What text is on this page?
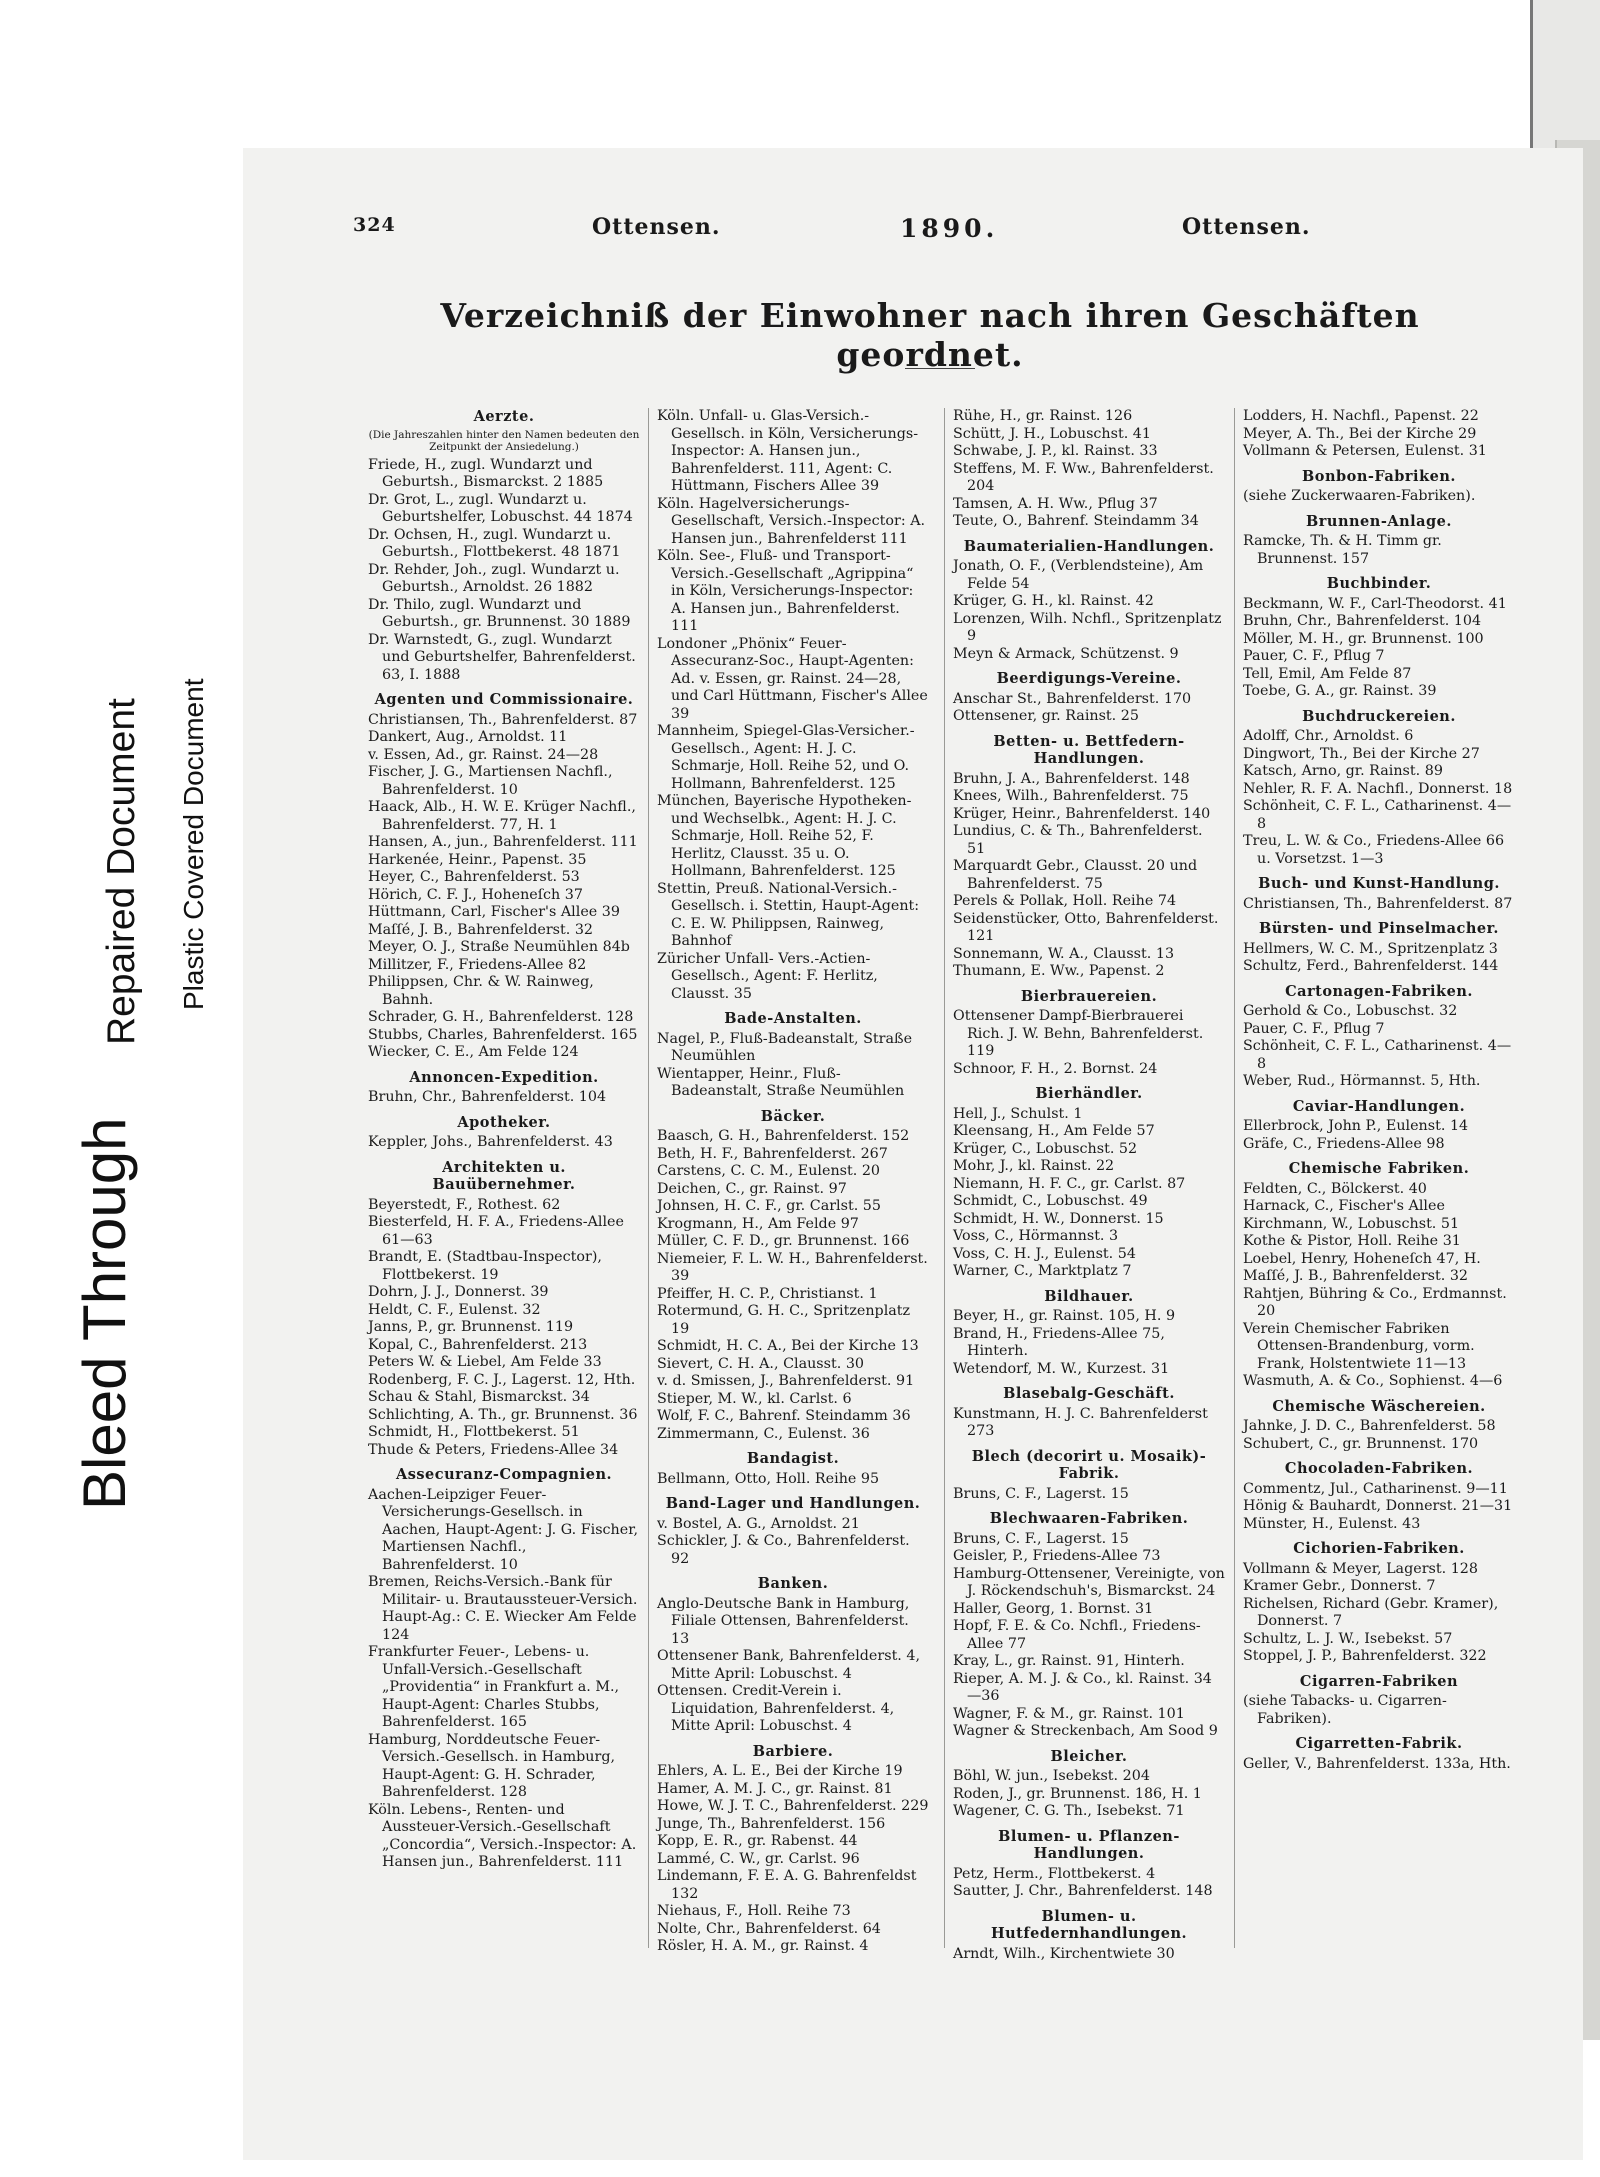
Bleed Through
Repaired Document Plastic Covered Document
324	Ottensen.	1890.	Ottensen.
Verzeichniß der Einwohner nach ihren Geschäften geordnet.
Aerzte.
(Die Jahreszahlen hinter den Namen bedeuten den Zeitpunkt der Ansiedelung.)
Friede, H., zugl. Wundarzt und Geburtsh., Bismarckst. 2 1885
Dr. Grot, L., zugl. Wundarzt u. Geburtshelfer, Lobuschst. 44 1874
Dr. Ochsen, H., zugl. Wundarzt u. Geburtsh., Flottbekerst. 48 1871
Dr. Rehder, Joh., zugl. Wundarzt u. Geburtsh., Arnoldst. 26 1882
Dr. Thilo, zugl. Wundarzt und Geburtsh., gr. Brunnenst. 30 1889
Dr. Warnstedt, G., zugl. Wundarzt und Geburtshelfer, Bahrenfelderst. 63, I. 1888
Agenten und Commissionaire.
Christiansen, Th., Bahrenfelderst. 87
Dankert, Aug., Arnoldst. 11
v. Essen, Ad., gr. Rainst. 24—28
Fischer, J. G., Martiensen Nachfl., Bahrenfelderst. 10
Haack, Alb., H. W. E. Krüger Nachfl., Bahrenfelderst. 77, H. 1
Hansen, A., jun., Bahrenfelderst. 111
Harkenée, Heinr., Papenst. 35
Heyer, C., Bahrenfelderst. 53
Hörich, C. F. J., Hoheneſch 37
Hüttmann, Carl, Fischer's Allee 39
Maſſé, J. B., Bahrenfelderst. 32
Meyer, O. J., Straße Neumühlen 84b
Millitzer, F., Friedens-Allee 82
Philippsen, Chr. & W. Rainweg, Bahnh.
Schrader, G. H., Bahrenfelderst. 128
Stubbs, Charles, Bahrenfelderst. 165
Wiecker, C. E., Am Felde 124
Annoncen-Expedition.
Bruhn, Chr., Bahrenfelderst. 104
Apotheker.
Keppler, Johs., Bahrenfelderst. 43
Architekten u. Bauübernehmer.
Beyerstedt, F., Rothest. 62
Biesterfeld, H. F. A., Friedens-Allee 61—63
Brandt, E. (Stadtbau-Inspector), Flottbekerst. 19
Dohrn, J. J., Donnerst. 39
Heldt, C. F., Eulenst. 32
Janns, P., gr. Brunnenst. 119
Kopal, C., Bahrenfelderst. 213
Peters W. & Liebel, Am Felde 33
Rodenberg, F. C. J., Lagerst. 12, Hth.
Schau & Stahl, Bismarckst. 34
Schlichting, A. Th., gr. Brunnenst. 36
Schmidt, H., Flottbekerst. 51
Thude & Peters, Friedens-Allee 34
Assecuranz-Compagnien.
Aachen-Leipziger Feuer-Versicherungs-Gesellsch. in Aachen, Haupt-Agent: J. G. Fischer, Martiensen Nachfl., Bahrenfelderst. 10
Bremen, Reichs-Versich.-Bank für Militair- u. Brautaussteuer-Versich. Haupt-Ag.: C. E. Wiecker Am Felde 124
Frankfurter Feuer-, Lebens- u. Unfall-Versich.-Gesellschaft „Providentia“ in Frankfurt a. M., Haupt-Agent: Charles Stubbs, Bahrenfelderst. 165
Hamburg, Norddeutsche Feuer-Versich.-Gesellsch. in Hamburg, Haupt-Agent: G. H. Schrader, Bahrenfelderst. 128
Köln. Lebens-, Renten- und Aussteuer-Versich.-Gesellschaft „Concordia“, Versich.-Inspector: A. Hansen jun., Bahrenfelderst. 111
Köln. Unfall- u. Glas-Versich.-Gesellsch. in Köln, Versicherungs-Inspector: A. Hansen jun., Bahrenfelderst. 111, Agent: C. Hüttmann, Fischers Allee 39
Köln. Hagelversicherungs-Gesellschaft, Versich.-Inspector: A. Hansen jun., Bahrenfelderst 111
Köln. See-, Fluß- und Transport-Versich.-Gesellschaft „Agrippina“ in Köln, Versicherungs-Inspector: A. Hansen jun., Bahrenfelderst. 111
Londoner „Phönix“ Feuer-Assecuranz-Soc., Haupt-Agenten: Ad. v. Essen, gr. Rainst. 24—28, und Carl Hüttmann, Fischer's Allee 39
Mannheim, Spiegel-Glas-Versicher.-Gesellsch., Agent: H. J. C. Schmarje, Holl. Reihe 52, und O. Hollmann, Bahrenfelderst. 125
München, Bayerische Hypotheken- und Wechselbk., Agent: H. J. C. Schmarje, Holl. Reihe 52, F. Herlitz, Clausst. 35 u. O. Hollmann, Bahrenfelderst. 125
Stettin, Preuß. National-Versich.-Gesellsch. i. Stettin, Haupt-Agent: C. E. W. Philippsen, Rainweg, Bahnhof
Züricher Unfall- Vers.-Actien-Gesellsch., Agent: F. Herlitz, Clausst. 35
Bade-Anstalten.
Nagel, P., Fluß-Badeanstalt, Straße Neumühlen
Wientapper, Heinr., Fluß-Badeanstalt, Straße Neumühlen
Bäcker.
Baasch, G. H., Bahrenfelderst. 152
Beth, H. F., Bahrenfelderst. 267
Carstens, C. C. M., Eulenst. 20
Deichen, C., gr. Rainst. 97
Johnsen, H. C. F., gr. Carlst. 55
Krogmann, H., Am Felde 97
Müller, C. F. D., gr. Brunnenst. 166
Niemeier, F. L. W. H., Bahrenfelderst. 39
Pfeiffer, H. C. P., Christianst. 1
Rotermund, G. H. C., Spritzenplatz 19
Schmidt, H. C. A., Bei der Kirche 13
Sievert, C. H. A., Clausst. 30
v. d. Smissen, J., Bahrenfelderst. 91
Stieper, M. W., kl. Carlst. 6
Wolf, F. C., Bahrenf. Steindamm 36
Zimmermann, C., Eulenst. 36
Bandagist.
Bellmann, Otto, Holl. Reihe 95
Band-Lager und Handlungen.
v. Bostel, A. G., Arnoldst. 21
Schickler, J. & Co., Bahrenfelderst. 92
Banken.
Anglo-Deutsche Bank in Hamburg, Filiale Ottensen, Bahrenfelderst. 13
Ottensener Bank, Bahrenfelderst. 4, Mitte April: Lobuschst. 4
Ottensen. Credit-Verein i. Liquidation, Bahrenfelderst. 4, Mitte April: Lobuschst. 4
Barbiere.
Ehlers, A. L. E., Bei der Kirche 19
Hamer, A. M. J. C., gr. Rainst. 81
Howe, W. J. T. C., Bahrenfelderst. 229
Junge, Th., Bahrenfelderst. 156
Kopp, E. R., gr. Rabenst. 44
Lammé, C. W., gr. Carlst. 96
Lindemann, F. E. A. G. Bahrenfeldst 132
Niehaus, F., Holl. Reihe 73
Nolte, Chr., Bahrenfelderst. 64
Rösler, H. A. M., gr. Rainst. 4
Rühe, H., gr. Rainst. 126
Schütt, J. H., Lobuschst. 41
Schwabe, J. P., kl. Rainst. 33
Steffens, M. F. Ww., Bahrenfelderst. 204
Tamsen, A. H. Ww., Pflug 37
Teute, O., Bahrenf. Steindamm 34
Baumaterialien-Handlungen.
Jonath, O. F., (Verblendsteine), Am Felde 54
Krüger, G. H., kl. Rainst. 42
Lorenzen, Wilh. Nchfl., Spritzenplatz 9
Meyn & Armack, Schützenst. 9
Beerdigungs-Vereine.
Anschar St., Bahrenfelderst. 170
Ottensener, gr. Rainst. 25
Betten- u. Bettfedern-Handlungen.
Bruhn, J. A., Bahrenfelderst. 148
Knees, Wilh., Bahrenfelderst. 75
Krüger, Heinr., Bahrenfelderst. 140
Lundius, C. & Th., Bahrenfelderst. 51
Marquardt Gebr., Clausst. 20 und Bahrenfelderst. 75
Perels & Pollak, Holl. Reihe 74
Seidenstücker, Otto, Bahrenfelderst. 121
Sonnemann, W. A., Clausst. 13
Thumann, E. Ww., Papenst. 2
Bierbrauereien.
Ottensener Dampf-Bierbrauerei Rich. J. W. Behn, Bahrenfelderst. 119
Schnoor, F. H., 2. Bornst. 24
Bierhändler.
Hell, J., Schulst. 1
Kleensang, H., Am Felde 57
Krüger, C., Lobuschst. 52
Mohr, J., kl. Rainst. 22
Niemann, H. F. C., gr. Carlst. 87
Schmidt, C., Lobuschst. 49
Schmidt, H. W., Donnerst. 15
Voss, C., Hörmannst. 3
Voss, C. H. J., Eulenst. 54
Warner, C., Marktplatz 7
Bildhauer.
Beyer, H., gr. Rainst. 105, H. 9
Brand, H., Friedens-Allee 75, Hinterh.
Wetendorf, M. W., Kurzest. 31
Blasebalg-Geschäft.
Kunstmann, H. J. C. Bahrenfelderst 273
Blech (decorirt u. Mosaik)-Fabrik.
Bruns, C. F., Lagerst. 15
Blechwaaren-Fabriken.
Bruns, C. F., Lagerst. 15
Geisler, P., Friedens-Allee 73
Hamburg-Ottensener, Vereinigte, von J. Röckendschuh's, Bismarckst. 24
Haller, Georg, 1. Bornst. 31
Hopf, F. E. & Co. Nchfl., Friedens-Allee 77
Kray, L., gr. Rainst. 91, Hinterh.
Rieper, A. M. J. & Co., kl. Rainst. 34—36
Wagner, F. & M., gr. Rainst. 101
Wagner & Streckenbach, Am Sood 9
Bleicher.
Böhl, W. jun., Isebekst. 204
Roden, J., gr. Brunnenst. 186, H. 1
Wagener, C. G. Th., Isebekst. 71
Blumen- u. Pflanzen-Handlungen.
Petz, Herm., Flottbekerst. 4
Sautter, J. Chr., Bahrenfelderst. 148
Blumen- u. Hutfedernhandlungen.
Arndt, Wilh., Kirchentwiete 30
Lodders, H. Nachfl., Papenst. 22
Meyer, A. Th., Bei der Kirche 29
Vollmann & Petersen, Eulenst. 31
Bonbon-Fabriken.
(siehe Zuckerwaaren-Fabriken).
Brunnen-Anlage.
Ramcke, Th. & H. Timm gr. Brunnenst. 157
Buchbinder.
Beckmann, W. F., Carl-Theodorst. 41
Bruhn, Chr., Bahrenfelderst. 104
Möller, M. H., gr. Brunnenst. 100
Pauer, C. F., Pflug 7
Tell, Emil, Am Felde 87
Toebe, G. A., gr. Rainst. 39
Buchdruckereien.
Adolff, Chr., Arnoldst. 6
Dingwort, Th., Bei der Kirche 27
Katsch, Arno, gr. Rainst. 89
Nehler, R. F. A. Nachfl., Donnerst. 18
Schönheit, C. F. L., Catharinenst. 4—8
Treu, L. W. & Co., Friedens-Allee 66 u. Vorsetzst. 1—3
Buch- und Kunst-Handlung.
Christiansen, Th., Bahrenfelderst. 87
Bürsten- und Pinselmacher.
Hellmers, W. C. M., Spritzenplatz 3
Schultz, Ferd., Bahrenfelderst. 144
Cartonagen-Fabriken.
Gerhold & Co., Lobuschst. 32
Pauer, C. F., Pflug 7
Schönheit, C. F. L., Catharinenst. 4—8
Weber, Rud., Hörmannst. 5, Hth.
Caviar-Handlungen.
Ellerbrock, John P., Eulenst. 14
Gräfe, C., Friedens-Allee 98
Chemische Fabriken.
Feldten, C., Bölckerst. 40
Harnack, C., Fischer's Allee
Kirchmann, W., Lobuschst. 51
Kothe & Pistor, Holl. Reihe 31
Loebel, Henry, Hoheneſch 47, H.
Maſſé, J. B., Bahrenfelderst. 32
Rahtjen, Bühring & Co., Erdmannst. 20
Verein Chemischer Fabriken Ottensen-Brandenburg, vorm. Frank, Holstentwiete 11—13
Wasmuth, A. & Co., Sophienst. 4—6
Chemische Wäschereien.
Jahnke, J. D. C., Bahrenfelderst. 58
Schubert, C., gr. Brunnenst. 170
Chocoladen-Fabriken.
Commentz, Jul., Catharinenst. 9—11
Hönig & Bauhardt, Donnerst. 21—31
Münster, H., Eulenst. 43
Cichorien-Fabriken.
Vollmann & Meyer, Lagerst. 128
Kramer Gebr., Donnerst. 7
Richelsen, Richard (Gebr. Kramer), Donnerst. 7
Schultz, L. J. W., Isebekst. 57
Stoppel, J. P., Bahrenfelderst. 322
Cigarren-Fabriken
(siehe Tabacks- u. Cigarren-Fabriken).
Cigarretten-Fabrik.
Geller, V., Bahrenfelderst. 133a, Hth.
